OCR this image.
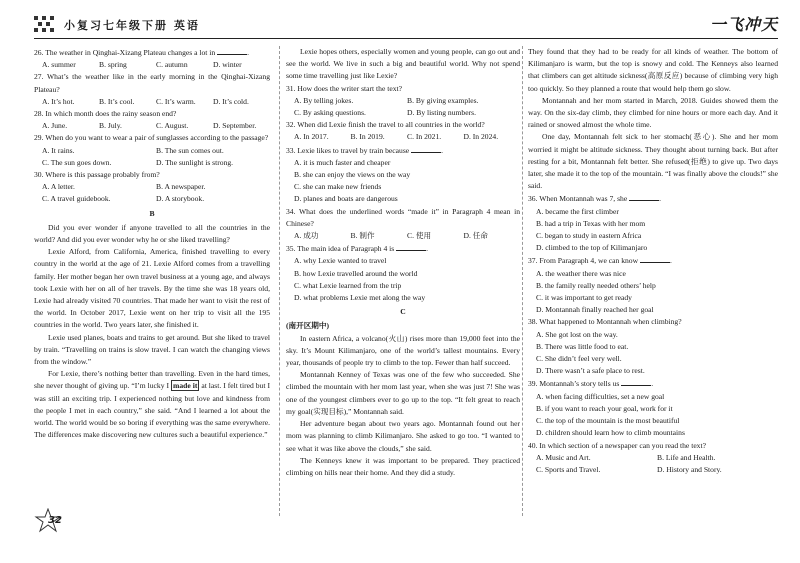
小复习七年级下册 英语	一飞冲天

26. The weather in Qinghai-Xizang Plateau changes a lot in	.

A. summer	B. spring	C. autumn	D. winter

27. What’s the weather like in the early morning in the Qinghai-Xizang Plateau?

A. It’s hot.	B. It’s cool.	C. It’s warm.	D. It’s cold.

28. In which month does the rainy season end?

A. June.	B. July.	C. August.	D. September.

29. When do you want to wear a pair of sunglasses according to the passage?

A. It rains.	B. The sun comes out.
C. The sun goes down.	D. The sunlight is strong.

30. Where is this passage probably from?

A. A letter.	B. A newspaper.
C. A travel guidebook.	D. A storybook.
B

Did you ever wonder if anyone travelled to all the countries in the world? And did you ever wonder why he or she liked travelling?

Lexie Alford, from California, America, finished travelling to every country in the world at the age of 21. Lexie Alford comes from a travelling family. Her mother began her own travel business at a young age, and always took Lexie with her on all of her travels. By the time she was 18 years old, Lexie had already visited 70 countries. That made her want to visit the rest of the world. In October 2017, Lexie went on her trip to visit all the 195 countries in the world. Two years later, she finished it.

Lexie used planes, boats and trains to get around. But she liked to travel by train. “Travelling on trains is slow travel. I can watch the changing views from the window.”

For Lexie, there’s nothing better than travelling. Even in the hard times, she never thought of giving up. “I’m lucky I made it at last. I felt tired but I was still an exciting trip. I experienced nothing but love and kindness from the people I met in each country,” she said. “And I learned a lot about the world. The world would be so boring if everything was the same everywhere. The differences make discovering new cultures such a beautiful experience.”

Lexie hopes others, especially women and young people, can go out and see the world. We live in such a big and beautiful world. Why not spend some time travelling just like Lexie?

31. How does the writer start the text?

A. By telling jokes.	B. By giving examples.
C. By asking questions.	D. By listing numbers.

32. When did Lexie finish the travel to all countries in the world?

A. In 2017.	B. In 2019.	C. In 2021.	D. In 2024.

33. Lexie likes to travel by train because	.

A. it is much faster and cheaper
B. she can enjoy the views on the way
C. she can make new friends
D. planes and boats are dangerous

34. What does the underlined words “made it” in Paragraph 4 mean in Chinese?

A. 成功	B. 制作	C. 使用	D. 任命

35. The main idea of Paragraph 4 is	.

A. why Lexie wanted to travel
B. how Lexie travelled around the world
C. what Lexie learned from the trip
D. what problems Lexie met along the way
C
(南开区期中)

In eastern Africa, a volcano(火山) rises more than 19,000 feet into the sky. It’s Mount Kilimanjaro, one of the world’s tallest mountains. Every year, thousands of people try to climb to the top. Fewer than half succeed.

Montannah Kenney of Texas was one of the few who succeeded. She climbed the mountain with her mom last year, when she was just 7! She was one of the youngest climbers ever to go up to the top. “It felt great to reach my goal(实现目标),” Montannah said.

Her adventure began about two years ago. Montannah found out her mom was planning to climb Kilimanjaro. She asked to go too. “I wanted to see what it was like above the clouds,” she said.

The Kenneys knew it was important to be prepared. They practiced climbing on hills near their home. And they did a study.

They found that they had to be ready for all kinds of weather. The bottom of Kilimanjaro is warm, but the top is snowy and cold. The Kenneys also learned that climbers can get altitude sickness(高原反应) because of climbing very high too quickly. So they planned a route that would help them go slow.

Montannah and her mom started in March, 2018. Guides showed them the way. On the six-day climb, they climbed for nine hours or more each day. And it rained or snowed almost the whole time.

One day, Montannah felt sick to her stomach(恶心). She and her mom worried it might be altitude sickness. They thought about turning back. But after resting for a bit, Montannah felt better. She refused(拒绝) to give up. Two days later, she made it to the top of the mountain. “I was finally above the clouds!” she said.

36. When Montannah was 7, she	.

A. became the first climber
B. had a trip in Texas with her mom
C. began to study in eastern Africa
D. climbed to the top of Kilimanjaro

37. From Paragraph 4, we can know	.

A. the weather there was nice
B. the family really needed others’ help
C. it was important to get ready
D. Montannah finally reached her goal

38. What happened to Montannah when climbing?

A. She got lost on the way.
B. There was little food to eat.
C. She didn’t feel very well.
D. There wasn’t a safe place to rest.

39. Montannah’s story tells us	.

A. when facing difficulties, set a new goal
B. if you want to reach your goal, work for it
C. the top of the mountain is the most beautiful
D. children should learn how to climb mountains

40. In which section of a newspaper can you read the text?

A. Music and Art.	B. Life and Health.
C. Sports and Travel.	D. History and Story.
32
